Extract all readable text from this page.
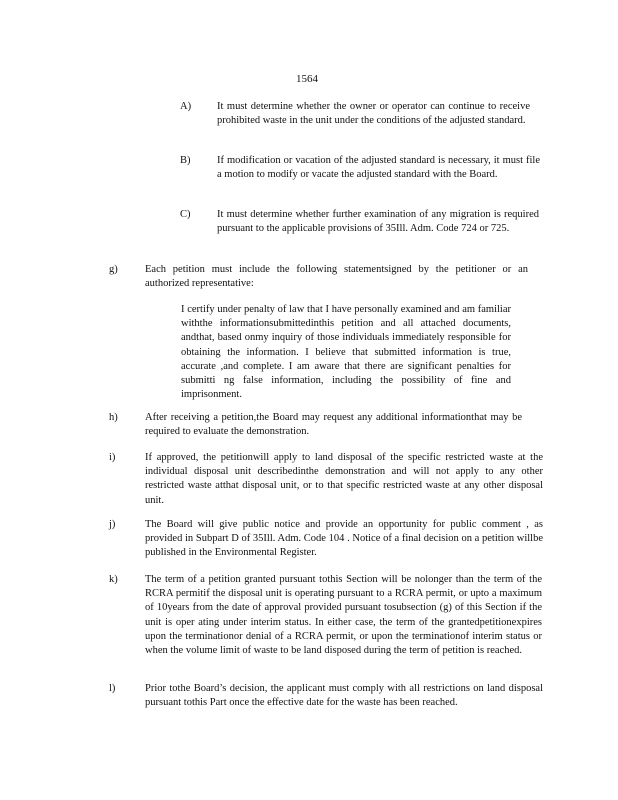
1564
A) It must determine whether the owner or operator can continue to receive prohibited waste in the unit under the conditions of the adjusted standard.
B)	If modification or vacation of the adjusted standard is necessary, it must file a motion to modify or vacate the adjusted standard with the Board.
C)	It must determine whether further examination of any migration is required pursuant to the applicable provisions of 35Ill. Adm. Code 724 or 725.
g)	Each petition must include the following statementsigned by the petitioner or an authorized representative:
I certify under penalty of law that I have personally examined and am familiar withthe informationsubmittedinthis petition and all attached documents, andthat, based onmy inquiry of those individuals immediately responsible for obtaining the information. I believe that submitted information is true, accurate ,and complete. I am aware that there are significant penalties for submitti ng false information, including the possibility of fine and imprisonment.
h)	After receiving a petition,the Board may request any additional informationthat may be required to evaluate the demonstration.
i)	If approved, the petitionwill apply to land disposal of the specific restricted waste at the individual disposal unit describedinthe demonstration and will not apply to any other restricted waste atthat disposal unit, or to that specific restricted waste at any other disposal unit.
j)	The Board will give public notice and provide an opportunity for public comment , as provided in Subpart D of 35Ill. Adm. Code 104 . Notice of a final decision on a petition willbe published in the Environmental Register.
k)	The term of a petition granted pursuant tothis Section will be nolonger than the term of the RCRA permitif the disposal unit is operating pursuant to a RCRA permit, or upto a maximum of 10years from the date of approval provided pursuant tosubsection (g) of this Section if the unit is oper ating under interim status. In either case, the term of the grantedpetitionexpires upon the terminationor denial of a RCRA permit, or upon the terminationof interim status or when the volume limit of waste to be land disposed during the term of petition is reached.
l)	Prior tothe Board’s decision, the applicant must comply with all restrictions on land disposal pursuant tothis Part once the effective date for the waste has been reached.
